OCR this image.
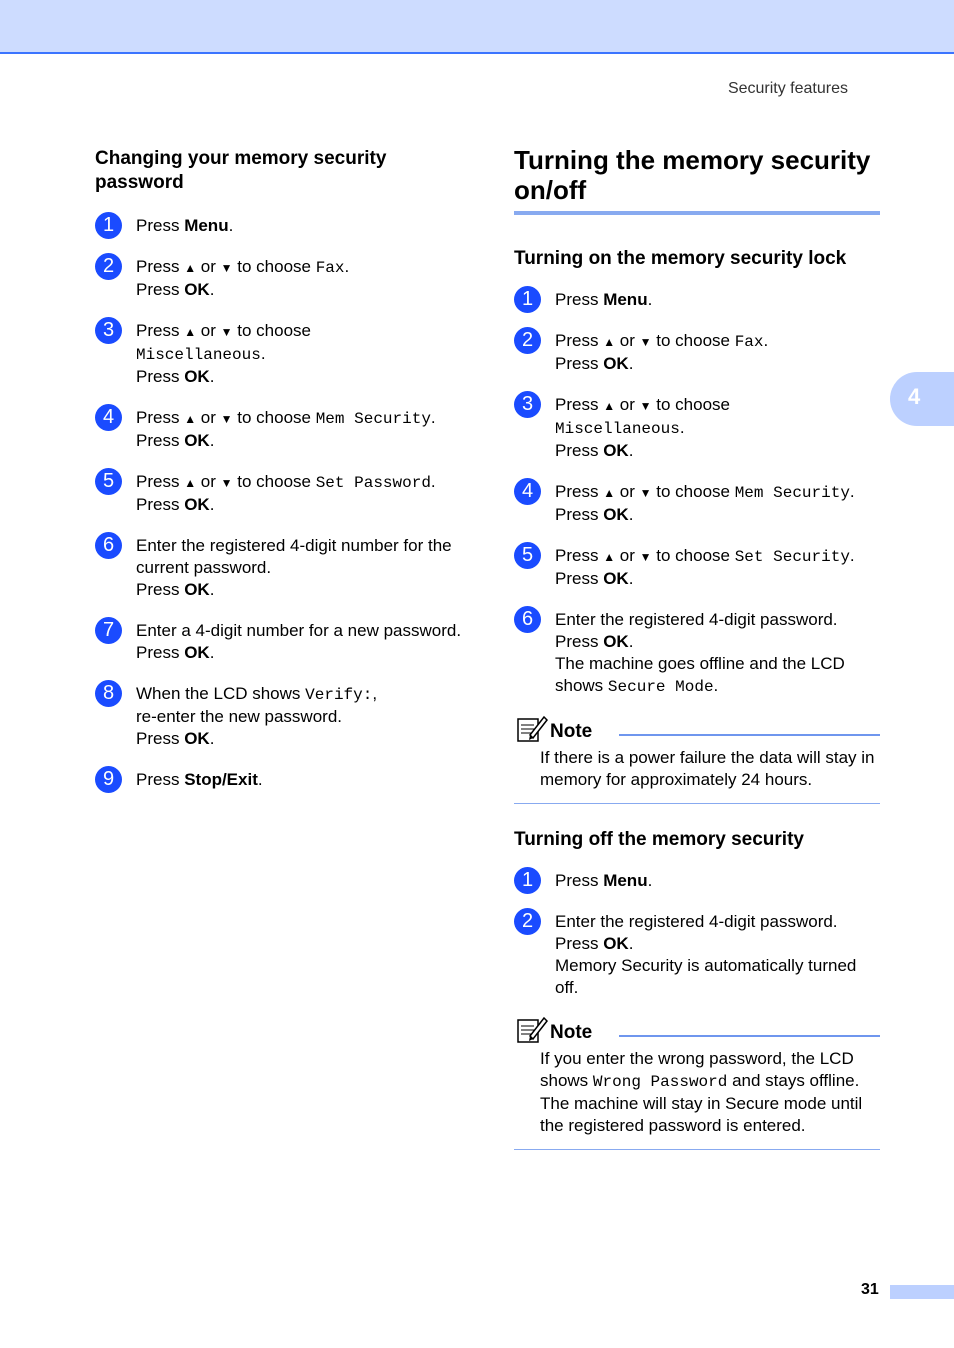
Security features
4
Changing your memory security password
1	Press Menu.
2	Press ▲ or ▼ to choose Fax.
Press OK.
3	Press ▲ or ▼ to choose
Miscellaneous.
Press OK.
4	Press ▲ or ▼ to choose Mem Security.
Press OK.
5	Press ▲ or ▼ to choose Set Password.
Press OK.
6	Enter the registered 4-digit number for the current password.
Press OK.
7	Enter a 4-digit number for a new password.
Press OK.
8	When the LCD shows Verify:,
re-enter the new password.
Press OK.
9	Press Stop/Exit.
Turning the memory security on/off
Turning on the memory security lock
1	Press Menu.
2	Press ▲ or ▼ to choose Fax.
Press OK.
3	Press ▲ or ▼ to choose
Miscellaneous.
Press OK.
4	Press ▲ or ▼ to choose Mem Security.
Press OK.
5	Press ▲ or ▼ to choose Set Security.
Press OK.
6	Enter the registered 4-digit password.
Press OK.
The machine goes offline and the LCD shows Secure Mode.
Note
If there is a power failure the data will stay in memory for approximately 24 hours.
Turning off the memory security
1	Press Menu.
2	Enter the registered 4-digit password.
Press OK.
Memory Security is automatically turned off.
Note
If you enter the wrong password, the LCD shows Wrong Password and stays offline. The machine will stay in Secure mode until the registered password is entered.
31
